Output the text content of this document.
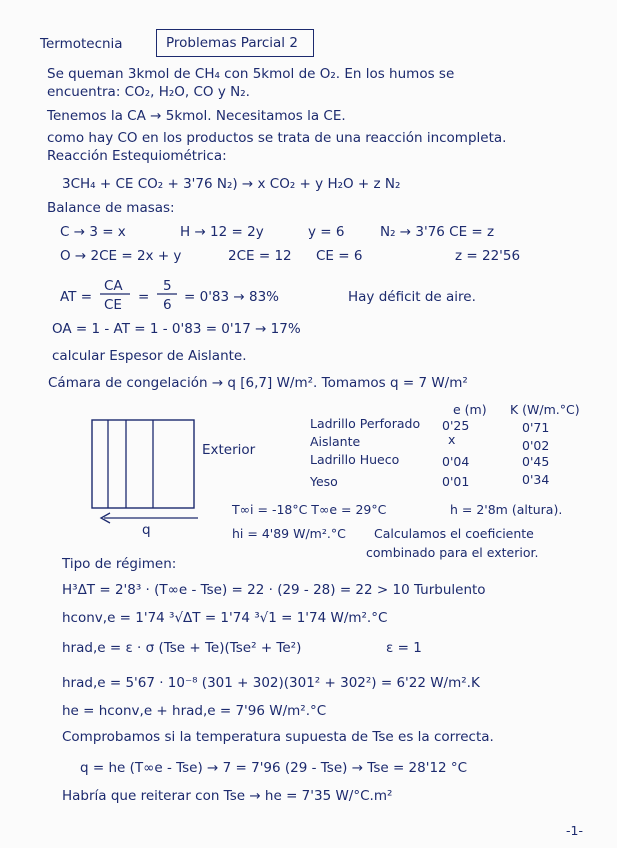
Termotecnia	Problemas Parcial 2
Se queman 3kmol de CH₄ con 5kmol de O₂. En los humos se
encuentra: CO₂, H₂O, CO y N₂.
Tenemos la CA → 5kmol. Necesitamos la CE.
como hay CO en los productos se trata de una reacción incompleta.
Reacción Estequiométrica:
3CH₄ + CE CO₂ + 3'76 N₂) → x CO₂ + y H₂O + z N₂
Balance de masas:
C → 3 = x	H → 12 = 2y	y = 6	N₂ → 3'76 CE = z
O → 2CE = 2x + y	2CE = 12 CE = 6	z = 22'56
AT =
CA
CE =
5
6 = 0'83 → 83%	Hay déficit de aire.
OA = 1 - AT = 1 - 0'83 = 0'17 → 17%
calcular Espesor de Aislante.
Cámara de congelación → q [6,7] W/m². Tomamos q = 7 W/m²
q
Exterior
e (m) K (W/m.°C)
Ladrillo Perforado 0'25	0'71
Aislante	x	0'02
Ladrillo Hueco	0'04	0'45
Yeso	0'01	0'34
T∞i = -18°C T∞e = 29°C	h = 2'8m (altura).
hi = 4'89 W/m².°C Calculamos el coeficiente
combinado para el exterior.
Tipo de régimen:
H³ΔT = 2'8³ · (T∞e - Tse) = 22 · (29 - 28) = 22 > 10 Turbulento
hconv,e = 1'74 ³√ΔT = 1'74 ³√1 = 1'74 W/m².°C
hrad,e = ε · σ (Tse + Te)(Tse² + Te²)	ε = 1
hrad,e = 5'67 · 10⁻⁸ (301 + 302)(301² + 302²) = 6'22 W/m².K
he = hconv,e + hrad,e = 7'96 W/m².°C
Comprobamos si la temperatura supuesta de Tse es la correcta.
q = he (T∞e - Tse) → 7 = 7'96 (29 - Tse) → Tse = 28'12 °C
Habría que reiterar con Tse → he = 7'35 W/°C.m²
-1-
